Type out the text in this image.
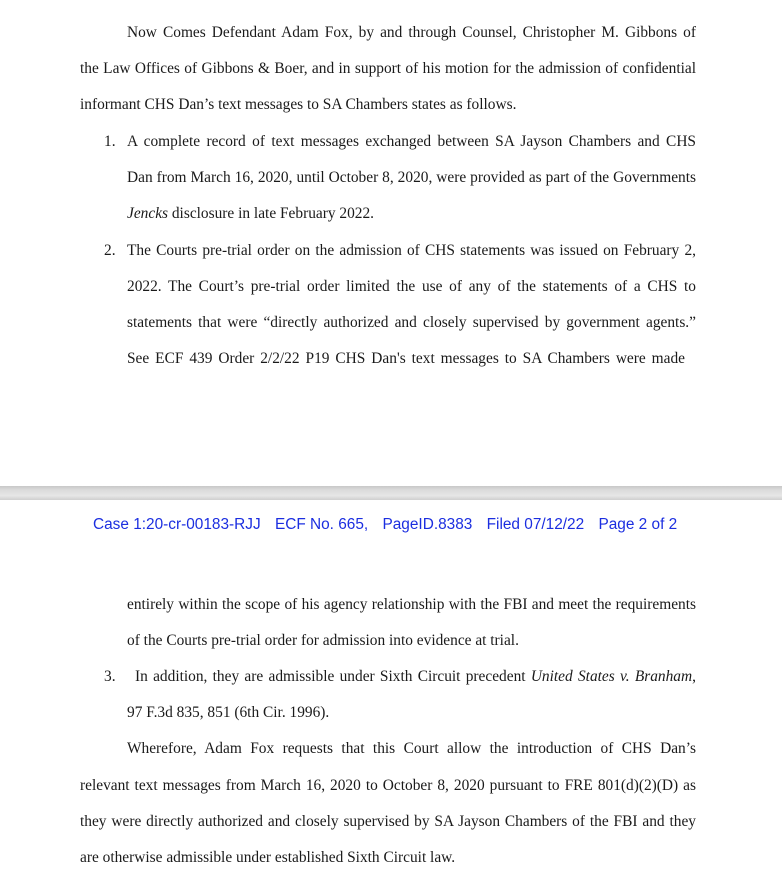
Now Comes Defendant Adam Fox, by and through Counsel, Christopher M. Gibbons of
the Law Offices of Gibbons & Boer, and in support of his motion for the admission of confidential
informant CHS Dan’s text messages to SA Chambers states as follows.
1. A complete record of text messages exchanged between SA Jayson Chambers and CHS
Dan from March 16, 2020, until October 8, 2020, were provided as part of the Governments
Jencks disclosure in late February 2022.
2. The Courts pre-trial order on the admission of CHS statements was issued on February 2,
2022. The Court’s pre-trial order limited the use of any of the statements of a CHS to
statements that were “directly authorized and closely supervised by government agents.”
See ECF 439 Order 2/2/22 P19 CHS Dan's text messages to SA Chambers were made
Case 1:20-cr-00183-RJJ ECF No. 665, PageID.8383 Filed 07/12/22 Page 2 of 2
entirely within the scope of his agency relationship with the FBI and meet the requirements
of the Courts pre-trial order for admission into evidence at trial.
3. In addition, they are admissible under Sixth Circuit precedent United States v. Branham,
97 F.3d 835, 851 (6th Cir. 1996).
Wherefore, Adam Fox requests that this Court allow the introduction of CHS Dan’s
relevant text messages from March 16, 2020 to October 8, 2020 pursuant to FRE 801(d)(2)(D) as
they were directly authorized and closely supervised by SA Jayson Chambers of the FBI and they
are otherwise admissible under established Sixth Circuit law.
